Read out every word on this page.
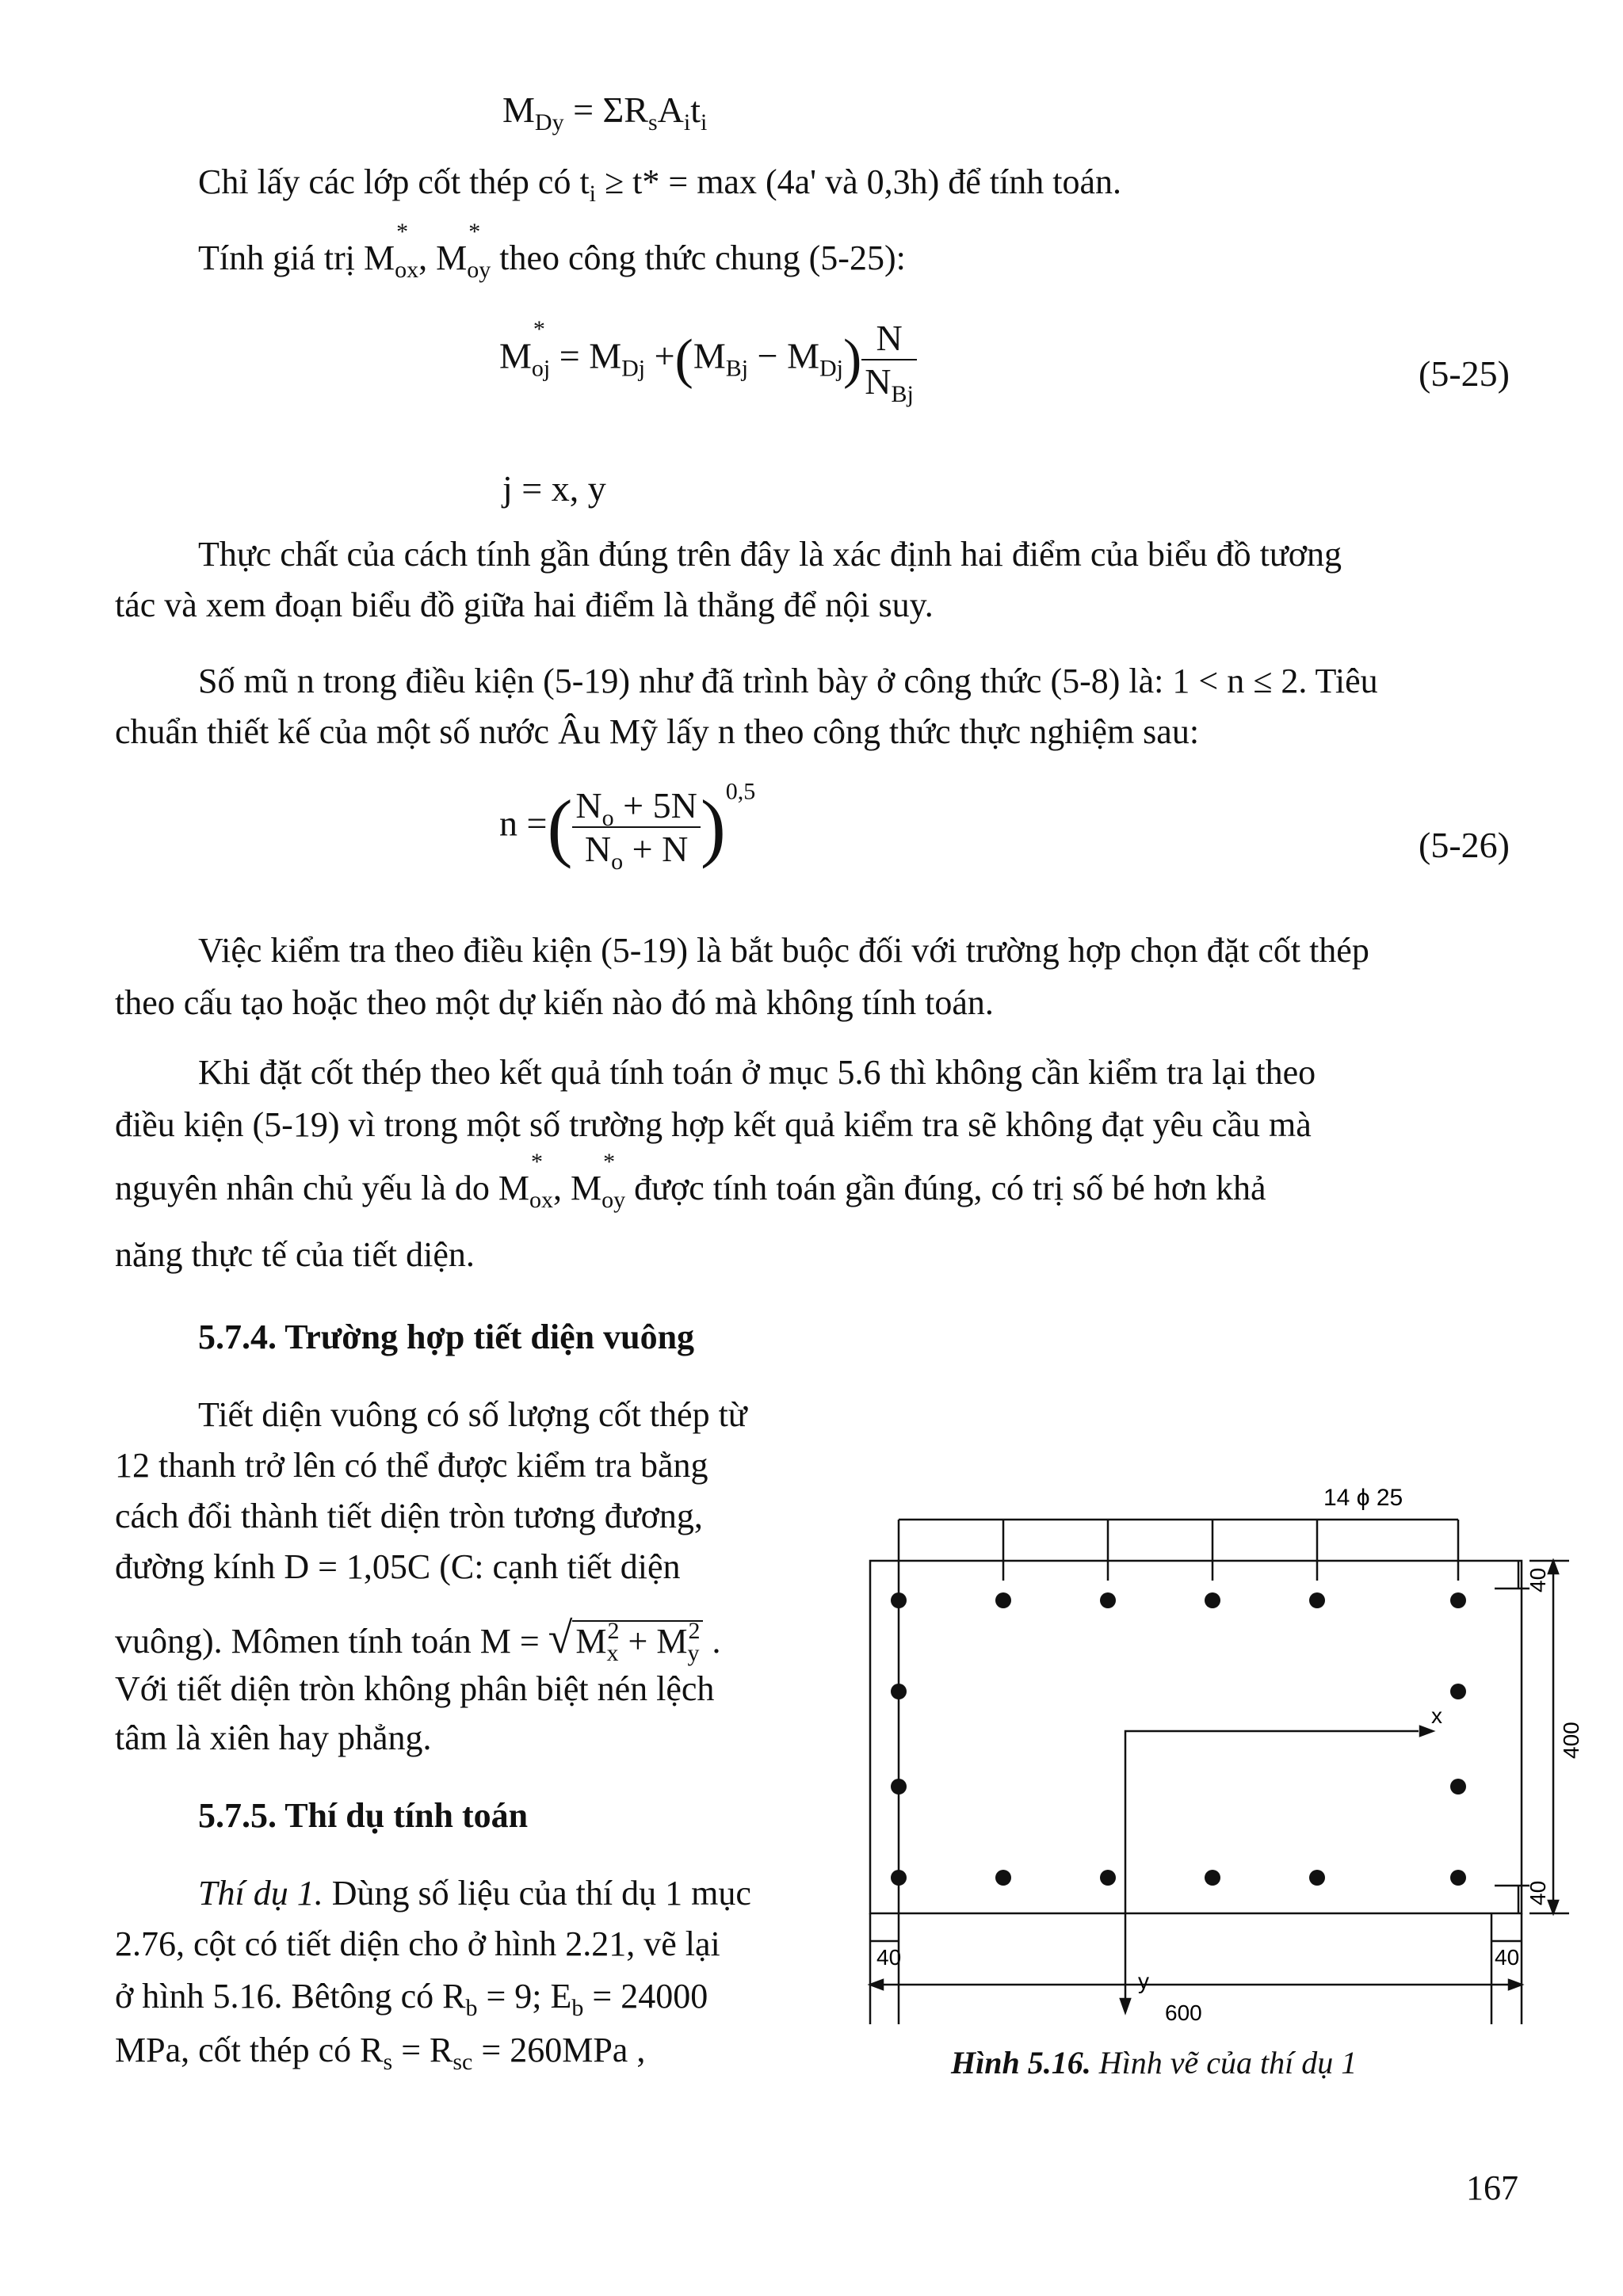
$M_{Dy} = \Sigma R_sA_it_i$
Chỉ lấy các lớp cốt thép có $t_i \ge t* = \max (4a'$ và 0,3h) để tính toán.
Tính giá trị M
*
$_{ox}$, M
*
$_{oy}$ theo công thức chung (5-25):
M
*
$_{oj} = M_{Dj} +(M_{Bj} - M_{Dj}) \frac{N}{N_{Bj}}$	(5-25)
j = x, y
Thực chất của cách tính gần đúng trên đây là xác định hai điểm của biểu đồ tương
tác và xem đoạn biểu đồ giữa hai điểm là thẳng để nội suy.
Số mũ n trong điều kiện (5-19) như đã trình bày ở công thức (5-8) là: 1 < n ≤ 2. Tiêu
chuẩn thiết kế của một số nước Âu Mỹ lấy n theo công thức thực nghiệm sau:
n =( $\frac{N_o + 5N}{N_o + N} )^{0,5}$
(5-26)
Việc kiểm tra theo điều kiện (5-19) là bắt buộc đối với trường hợp chọn đặt cốt thép
theo cấu tạo hoặc theo một dự kiến nào đó mà không tính toán.
Khi đặt cốt thép theo kết quả tính toán ở mục 5.6 thì không cần kiểm tra lại theo
điều kiện (5-19) vì trong một số trường hợp kết quả kiểm tra sẽ không đạt yêu cầu mà
nguyên nhân chủ yếu là do M
*
$_{ox}$, M
*
$_{oy}$ được tính toán gần đúng, có trị số bé hơn khả
năng thực tế của tiết diện.
5.7.4. Trường hợp tiết diện vuông
Tiết diện vuông có số lượng cốt thép từ
12 thanh trở lên có thể được kiểm tra bằng
cách đổi thành tiết diện tròn tương đương,
đường kính D = 1,05C (C: cạnh tiết diện
vuông). Mômen tính toán $M = √M_x^2 + M_y^2$ .
Với tiết diện tròn không phân biệt nén lệch
tâm là xiên hay phẳng.
5.7.5. Thí dụ tính toán
Thí dụ 1. Dùng số liệu của thí dụ 1 mục
2.76, cột có tiết diện cho ở hình 2.21, vẽ lại
ở hình 5.16. Bêtông có $R_b = 9$; $E_b = 24000$
MPa, cốt thép có $R_s = R_{sc} = 260MPa$ ,
14 ϕ 25
x
y
40	40
600
40
40
400
Hình 5.16. Hình vẽ của thí dụ 1
167
